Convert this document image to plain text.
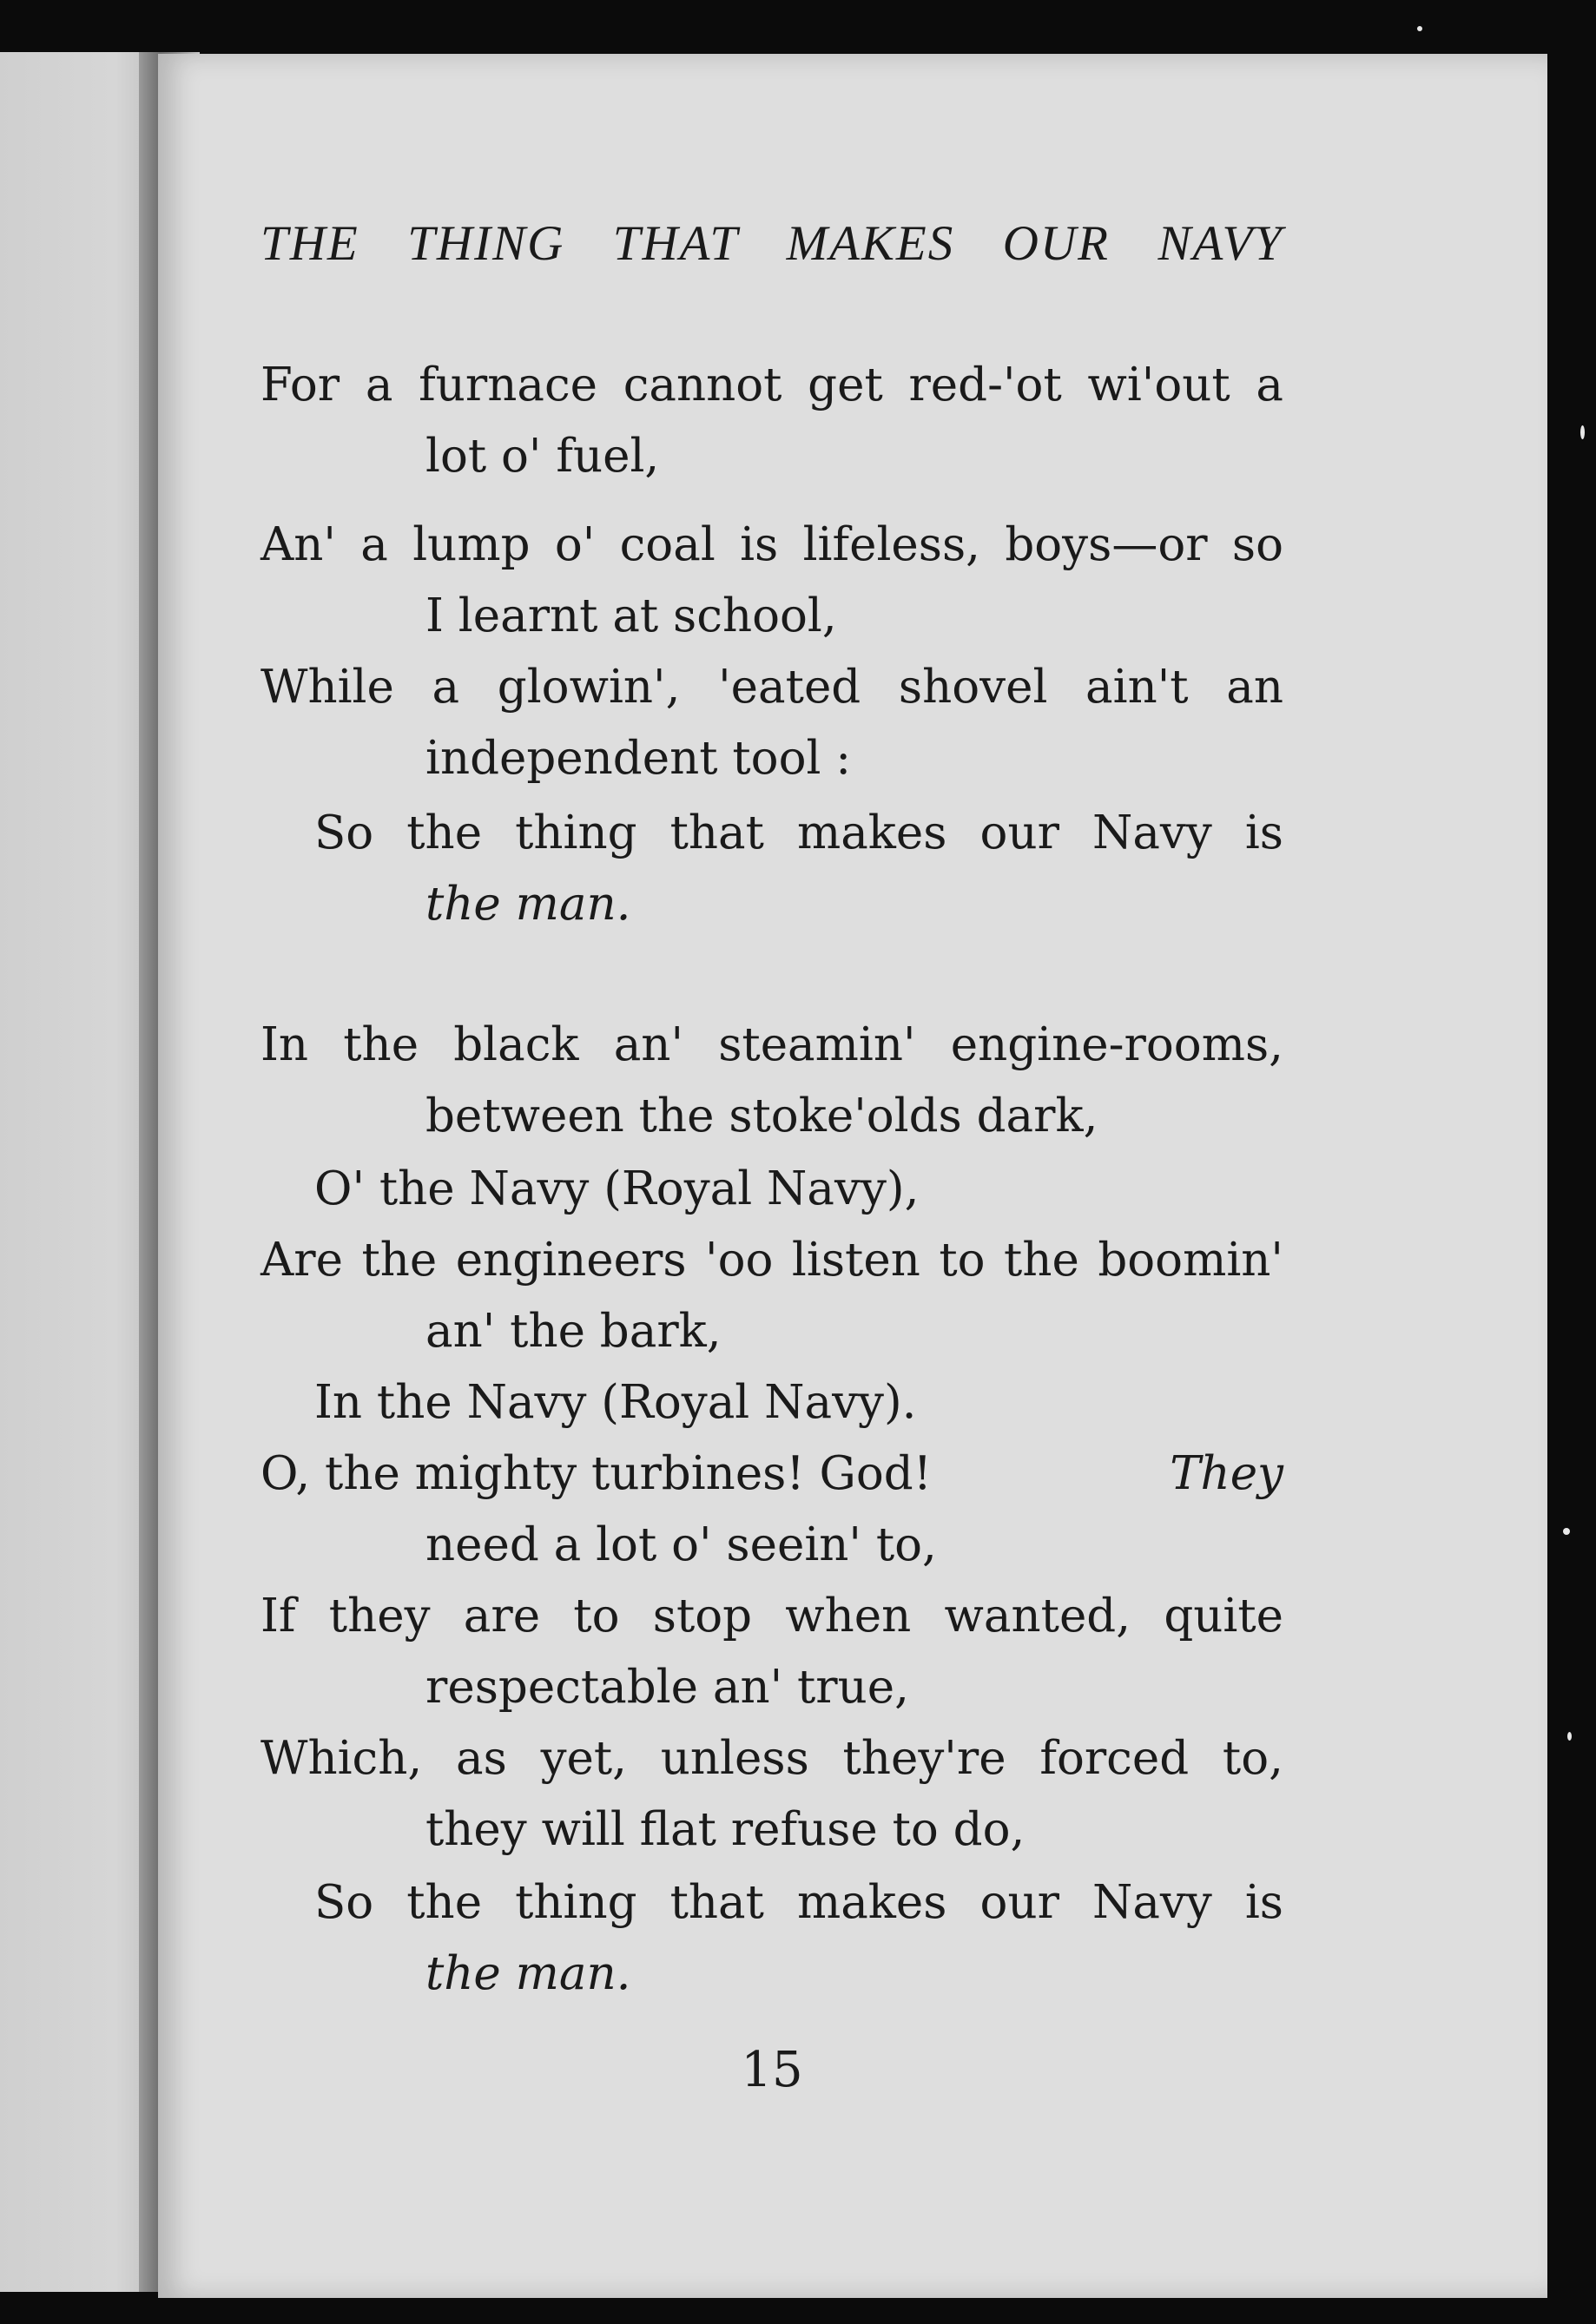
THE THING THAT MAKES OUR NAVY
For a furnace cannot get red-'ot wi'out a
lot o' fuel,
An' a lump o' coal is lifeless, boys—or so
I learnt at school,
While a glowin', 'eated shovel ain't an
independent tool :
So the thing that makes our Navy is
the man.
In the black an' steamin' engine-rooms,
between the stoke'olds dark,
O' the Navy (Royal Navy),
Are the engineers 'oo listen to the boomin'
an' the bark,
In the Navy (Royal Navy).
O, the mighty turbines! God!	They
need a lot o' seein' to,
If they are to stop when wanted, quite
respectable an' true,
Which, as yet, unless they're forced to,
they will flat refuse to do,
So the thing that makes our Navy is
the man.
15
